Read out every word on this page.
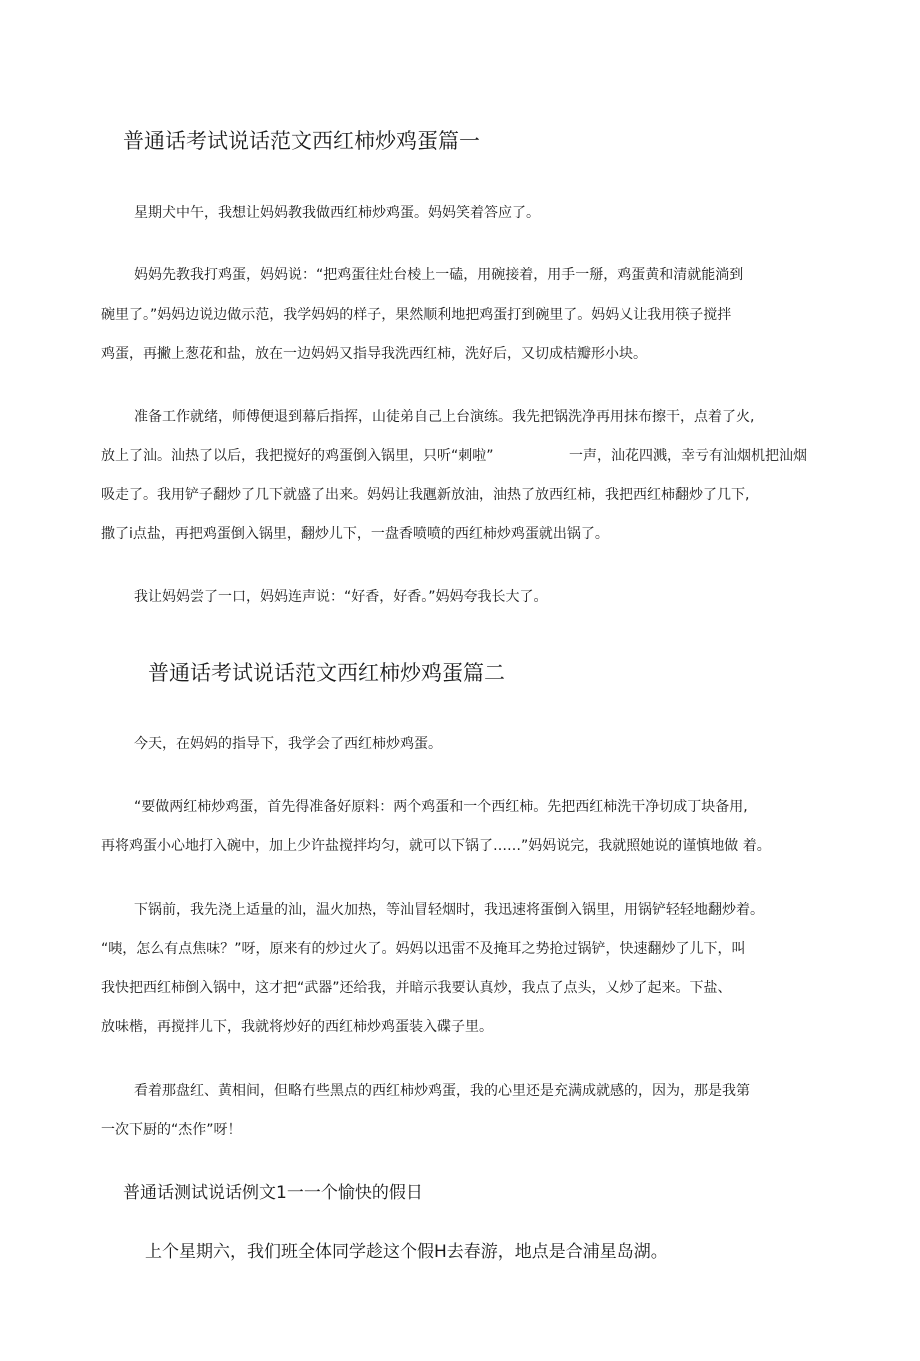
普通话考试说话范文西红柿炒鸡蛋篇一

星期犬中午，我想让妈妈教我做西红柿炒鸡蛋。妈妈笑着答应了。

妈妈先教我打鸡蛋，妈妈说：“把鸡蛋往灶台棱上一磕，用碗接着，用手一掰，鸡蛋黄和清就能淌到

碗里了。”妈妈边说边做示范，我学妈妈的样子，果然顺利地把鸡蛋打到碗里了。妈妈乂让我用筷子搅拌

鸡蛋，再撇上葱花和盐，放在一边妈妈又指导我洗西红柿，洗好后，又切成桔瓣形小块。

准备工作就绪，师傅便退到幕后指挥，山徒弟自己上台演练。我先把锅洗净再用抹布擦干，点着了火,

放上了汕。汕热了以后，我把搅好的鸡蛋倒入锅里，只听“刺啦”	一声，汕花四溅，幸亏有汕烟机把汕烟

吸走了。我用铲子翻炒了几下就盛了出来。妈妈让我甅新放油，油热了放西红柿，我把西红柿翻炒了几下,

撒了i点盐，再把鸡蛋倒入锅里，翻炒儿下，一盘香喷喷的西红柿炒鸡蛋就出锅了。

我让妈妈尝了一口，妈妈连声说：“好香，好香。”妈妈夸我长大了。

普通话考试说话范文西红柿炒鸡蛋篇二

今天，在妈妈的指导下，我学会了西红柿炒鸡蛋。

“要做两红柿炒鸡蛋，首先得准备好原料：两个鸡蛋和一个西红柿。先把西红柿洗干净切成丁块备用,

再将鸡蛋小心地打入碗中，加上少许盐搅拌均匀，就可以下锅了……”妈妈说完，我就照她说的谨慎地做 着。

下锅前，我先浇上适量的汕，温火加热，等汕冒轻烟时，我迅速将蛋倒入锅里，用锅铲轻轻地翻炒着。

“咦，怎么有点焦味？”呀，原来有的炒过火了。妈妈以迅雷不及掩耳之势抢过锅铲，快速翻炒了儿下，叫

我快把西红柿倒入锅中，这才把“武器”还给我，并暗示我要认真炒，我点了点头，乂炒了起来。下盐、

放味楷，再搅拌儿下，我就将炒好的西红柿炒鸡蛋装入碟子里。

看着那盘红、黄相间，但略冇些黑点的西红柿炒鸡蛋，我的心里还是充满成就感的，因为，那是我第

一次下厨的“杰作”呀！

普通话测试说话例文1一一个愉快的假日

上个星期六，我们班全体同学趁这个假H去春游，地点是合浦星岛湖。
